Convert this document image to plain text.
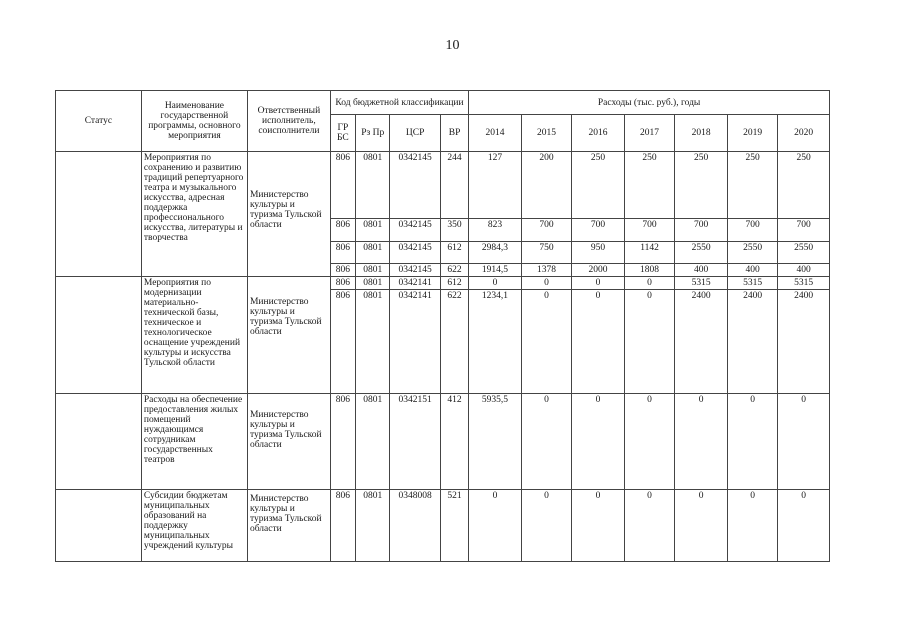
10
Статус	Наименование государственной программы, основного мероприятия	Ответственный исполнитель, соисполнители	Код бюджетной классификации				Расходы (тыс. руб.), годы						
			ГР БС	Рз Пр	ЦСР	ВР	2014	2015	2016	2017	2018	2019	2020
	Мероприятия по сохранению и развитию традиций репертуарного театра и музыкального искусства, адресная поддержка профессионального искусства, литературы и творчества	Министерство культуры и туризма Тульской области	806	0801	0342145	244	127	200	250	250	250	250	250
			806	0801	0342145	350	823	700	700	700	700	700	700
			806	0801	0342145	612	2984,3	750	950	1142	2550	2550	2550
			806	0801	0342145	622	1914,5	1378	2000	1808	400	400	400
	Мероприятия по модернизации материально-технической базы, техническое и технологическое оснащение учреждений культуры и искусства Тульской области	Министерство культуры и туризма Тульской области	806	0801	0342141	612	0	0	0	0	5315	5315	5315
			806	0801	0342141	622	1234,1	0	0	0	2400	2400	2400
	Расходы на обеспечение предоставления жилых помещений нуждающимся сотрудникам государственных театров	Министерство культуры и туризма Тульской области	806	0801	0342151	412	5935,5	0	0	0	0	0	0
	Субсидии бюджетам муниципальных образований на поддержку муниципальных учреждений культуры	Министерство культуры и туризма Тульской области	806	0801	0348008	521	0	0	0	0	0	0	0
